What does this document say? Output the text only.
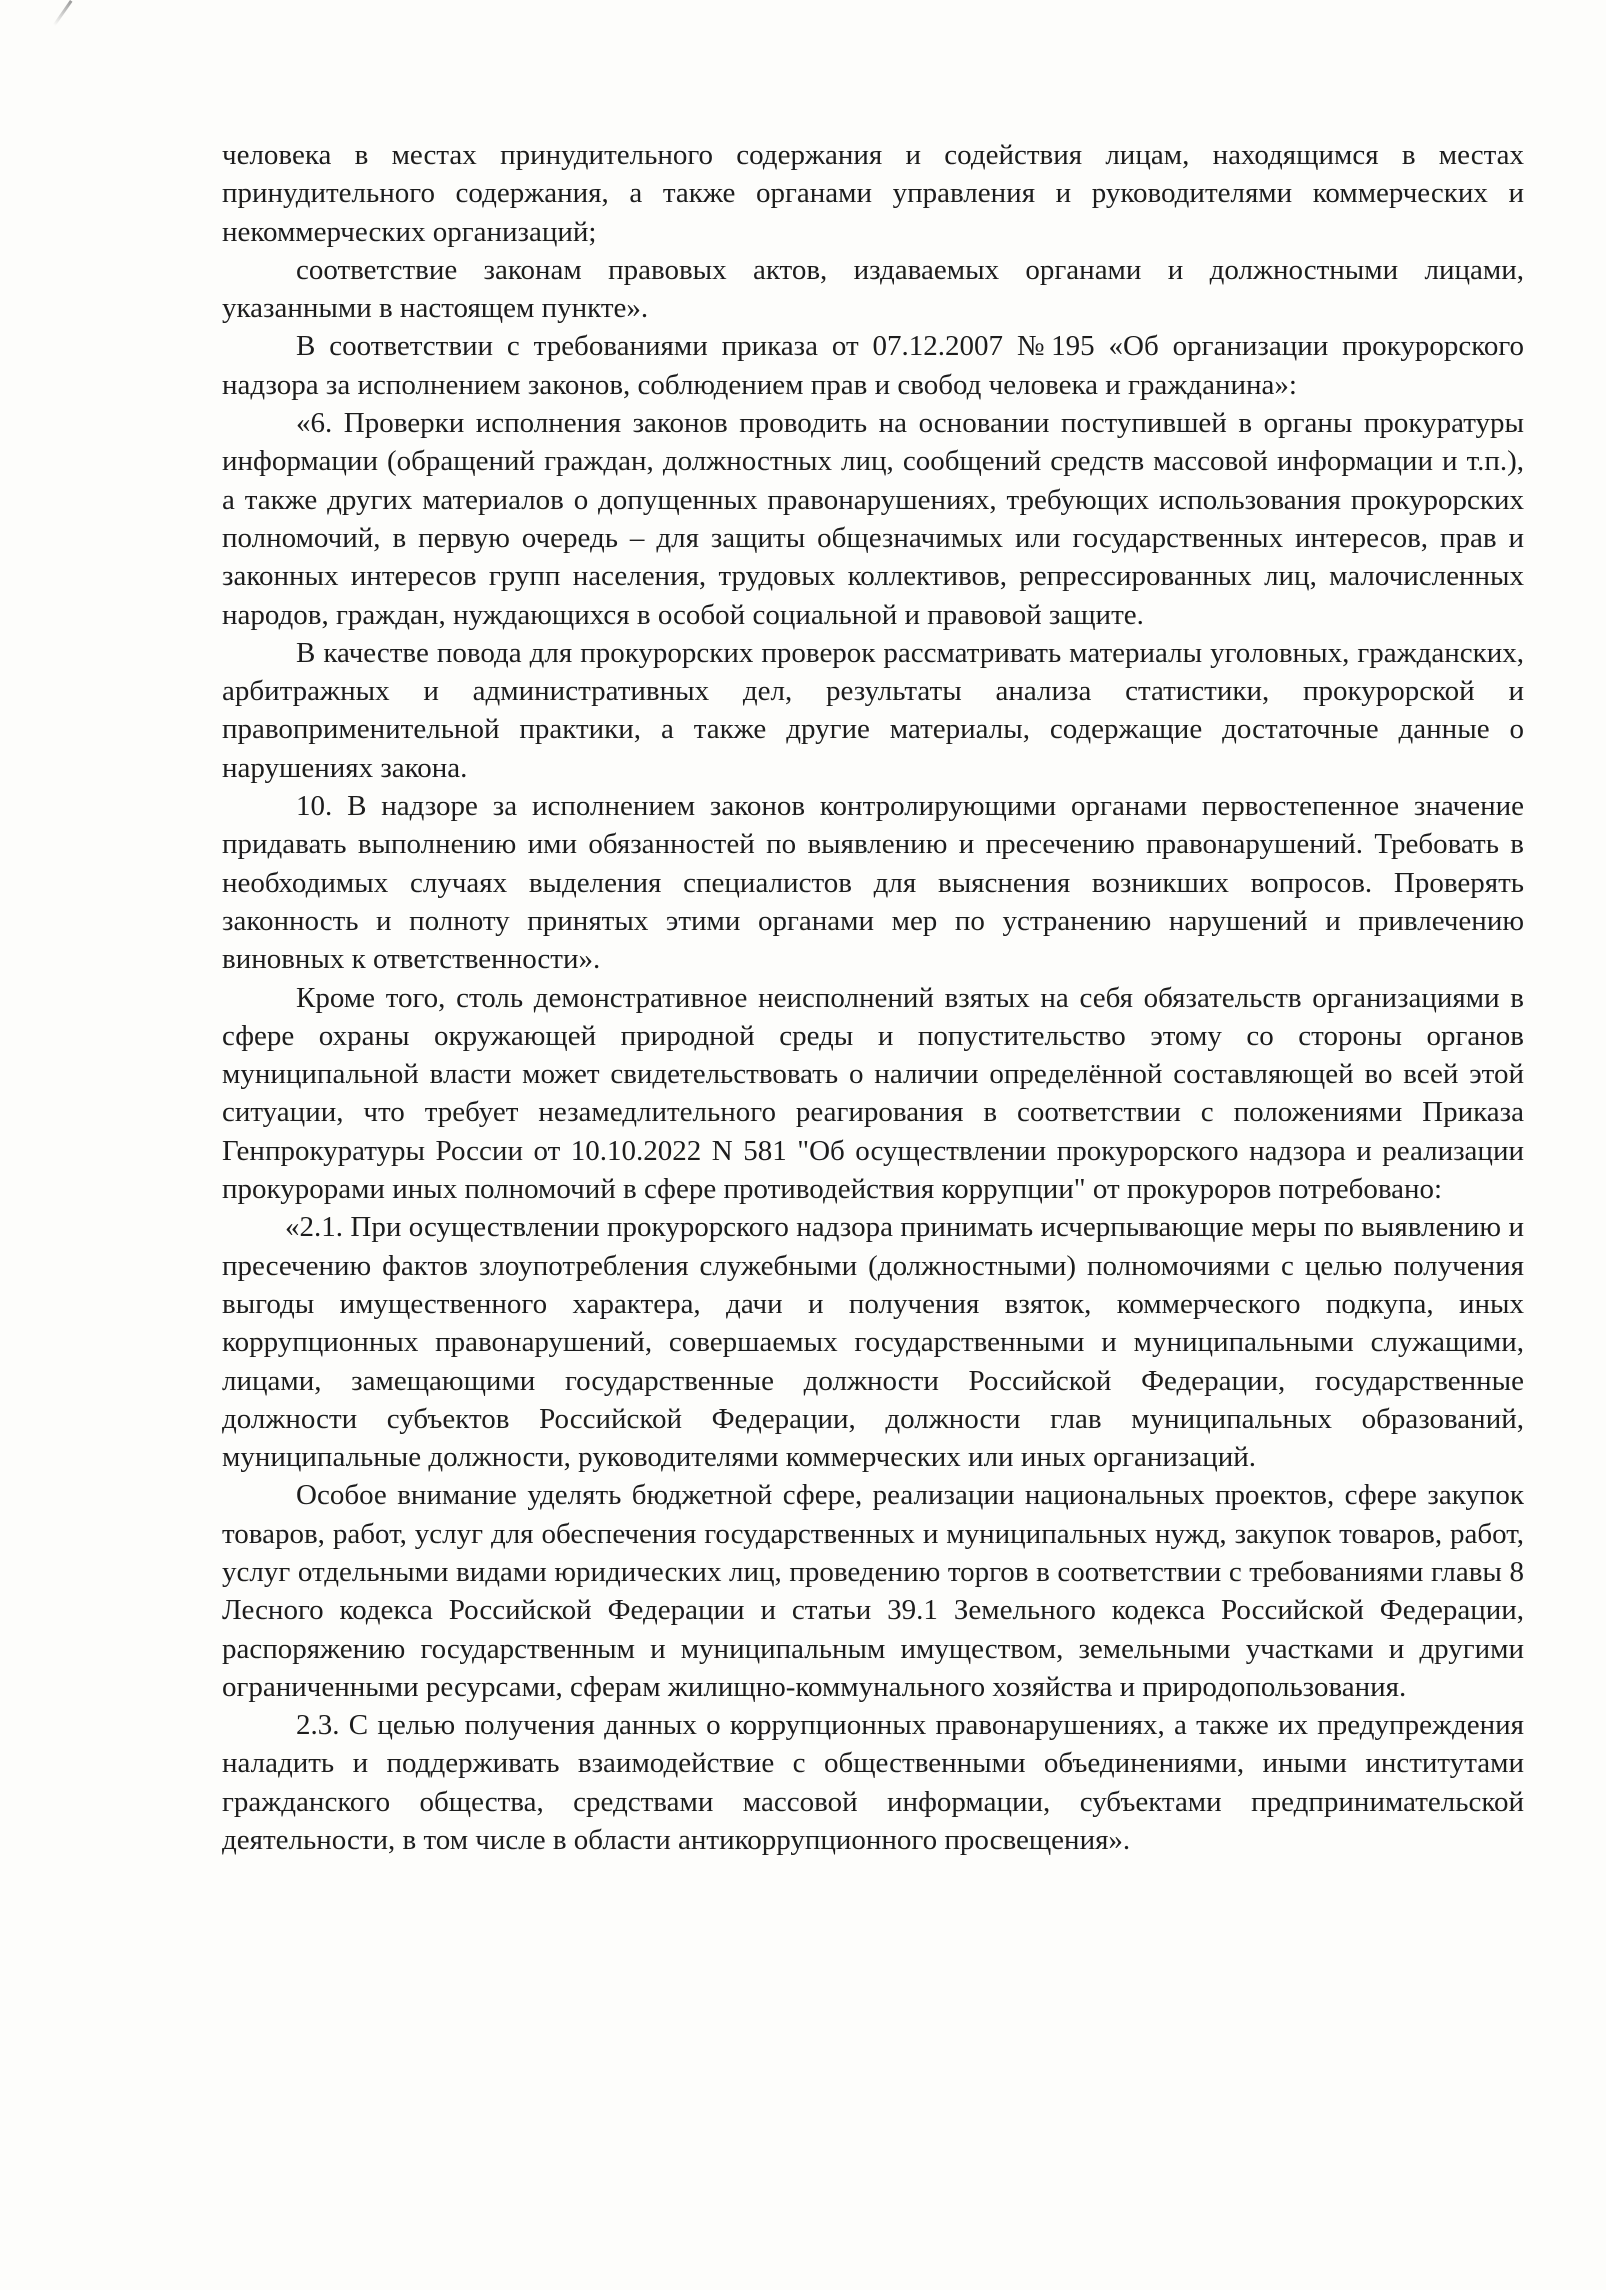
человека в местах принудительного содержания и содействия лицам, находящимся в местах принудительного содержания, а также органами управления и руководителями коммерческих и некоммерческих организаций;

соответствие законам правовых актов, издаваемых органами и должностными лицами, указанными в настоящем пункте».

В соответствии с требованиями приказа от 07.12.2007 №195 «Об организации прокурорского надзора за исполнением законов, соблюдением прав и свобод человека и гражданина»:

«6. Проверки исполнения законов проводить на основании поступившей в органы прокуратуры информации (обращений граждан, должностных лиц, сообщений средств массовой информации и т.п.), а также других материалов о допущенных правонарушениях, требующих использования прокурорских полномочий, в первую очередь – для защиты общезначимых или государственных интересов, прав и законных интересов групп населения, трудовых коллективов, репрессированных лиц, малочисленных народов, граждан, нуждающихся в особой социальной и правовой защите.

В качестве повода для прокурорских проверок рассматривать материалы уголовных, гражданских, арбитражных и административных дел, результаты анализа статистики, прокурорской и правоприменительной практики, а также другие материалы, содержащие достаточные данные о нарушениях закона.

10. В надзоре за исполнением законов контролирующими органами первостепенное значение придавать выполнению ими обязанностей по выявлению и пресечению правонарушений. Требовать в необходимых случаях выделения специалистов для выяснения возникших вопросов. Проверять законность и полноту принятых этими органами мер по устранению нарушений и привлечению виновных к ответственности».

Кроме того, столь демонстративное неисполнений взятых на себя обязательств организациями в сфере охраны окружающей природной среды и попустительство этому со стороны органов муниципальной власти может свидетельствовать о наличии определённой составляющей во всей этой ситуации, что требует незамедлительного реагирования в соответствии с положениями Приказа Генпрокуратуры России от 10.10.2022 N 581 "Об осуществлении прокурорского надзора и реализации прокурорами иных полномочий в сфере противодействия коррупции" от прокуроров потребовано:

«2.1. При осуществлении прокурорского надзора принимать исчерпывающие меры по выявлению и пресечению фактов злоупотребления служебными (должностными) полномочиями с целью получения выгоды имущественного характера, дачи и получения взяток, коммерческого подкупа, иных коррупционных правонарушений, совершаемых государственными и муниципальными служащими, лицами, замещающими государственные должности Российской Федерации, государственные должности субъектов Российской Федерации, должности глав муниципальных образований, муниципальные должности, руководителями коммерческих или иных организаций.

Особое внимание уделять бюджетной сфере, реализации национальных проектов, сфере закупок товаров, работ, услуг для обеспечения государственных и муниципальных нужд, закупок товаров, работ, услуг отдельными видами юридических лиц, проведению торгов в соответствии с требованиями главы 8 Лесного кодекса Российской Федерации и статьи 39.1 Земельного кодекса Российской Федерации, распоряжению государственным и муниципальным имуществом, земельными участками и другими ограниченными ресурсами, сферам жилищно-коммунального хозяйства и природопользования.

2.3. С целью получения данных о коррупционных правонарушениях, а также их предупреждения наладить и поддерживать взаимодействие с общественными объединениями, иными институтами гражданского общества, средствами массовой информации, субъектами предпринимательской деятельности, в том числе в области антикоррупционного просвещения».
